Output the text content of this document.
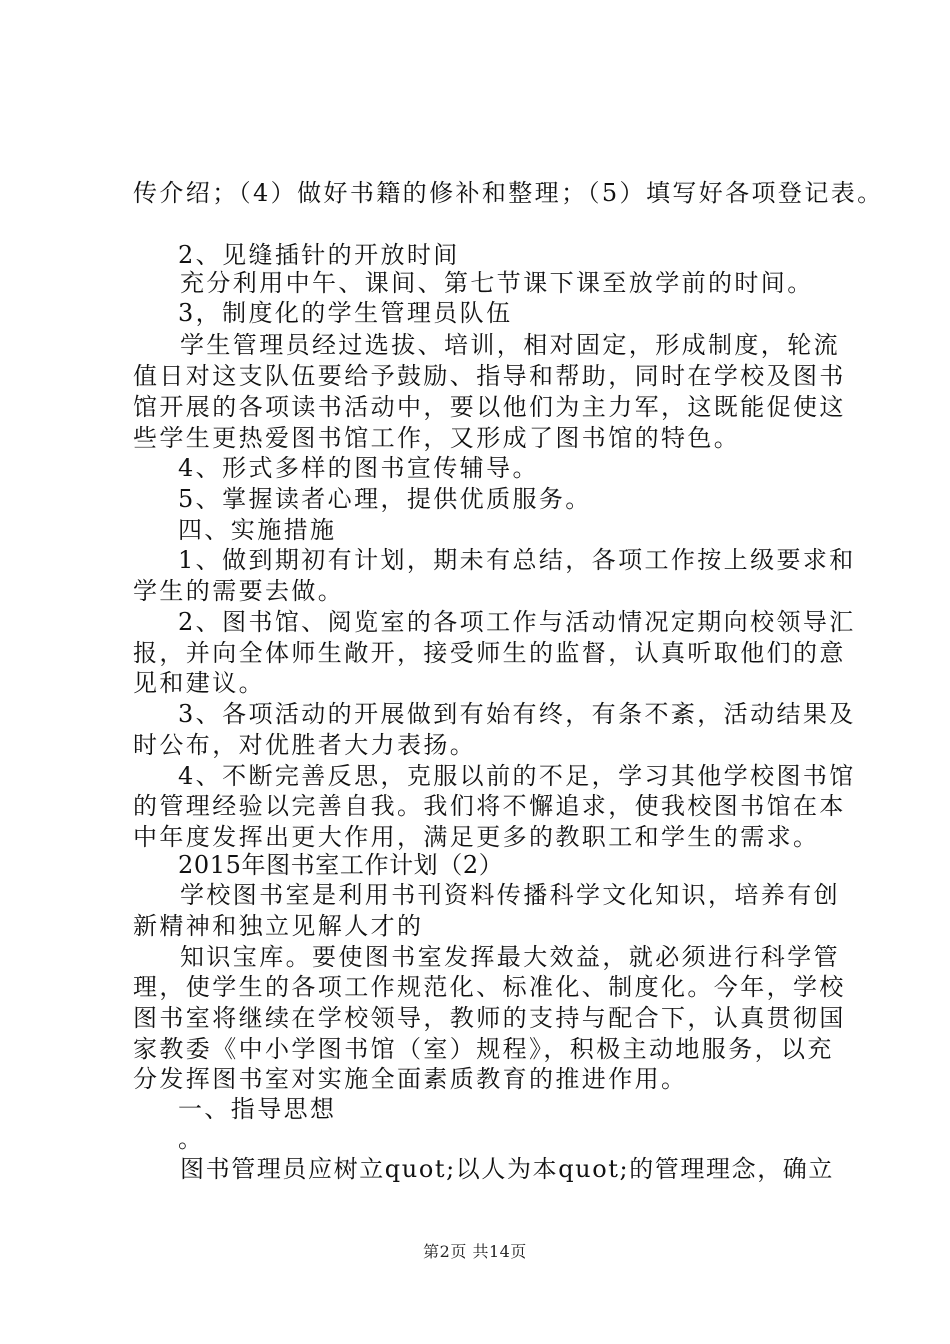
传介绍；（4）做好书籍的修补和整理；（5）填写好各项登记表。
2、见缝插针的开放时间
充分利用中午、课间、第七节课下课至放学前的时间。
3，制度化的学生管理员队伍
学生管理员经过选拔、培训，相对固定，形成制度，轮流
值日对这支队伍要给予鼓励、指导和帮助，同时在学校及图书
馆开展的各项读书活动中，要以他们为主力军，这既能促使这
些学生更热爱图书馆工作，又形成了图书馆的特色。
4、形式多样的图书宣传辅导。
5、掌握读者心理，提供优质服务。
四、实施措施
1、做到期初有计划，期未有总结，各项工作按上级要求和
学生的需要去做。
2、图书馆、阅览室的各项工作与活动情况定期向校领导汇
报，并向全体师生敞开，接受师生的监督，认真听取他们的意
见和建议。
3、各项活动的开展做到有始有终，有条不紊，活动结果及
时公布，对优胜者大力表扬。
4、不断完善反思，克服以前的不足，学习其他学校图书馆
的管理经验以完善自我。我们将不懈追求，使我校图书馆在本
中年度发挥出更大作用，满足更多的教职工和学生的需求。
2015年图书室工作计划（2）
学校图书室是利用书刊资料传播科学文化知识，培养有创
新精神和独立见解人才的
知识宝库。要使图书室发挥最大效益，就必须进行科学管
理，使学生的各项工作规范化、标准化、制度化。今年，学校
图书室将继续在学校领导，教师的支持与配合下，认真贯彻国
家教委《中小学图书馆（室）规程》，积极主动地服务，以充
分发挥图书室对实施全面素质教育的推进作用。
一、指导思想
。
图书管理员应树立quot;以人为本quot;的管理理念，确立
第2页 共14页
